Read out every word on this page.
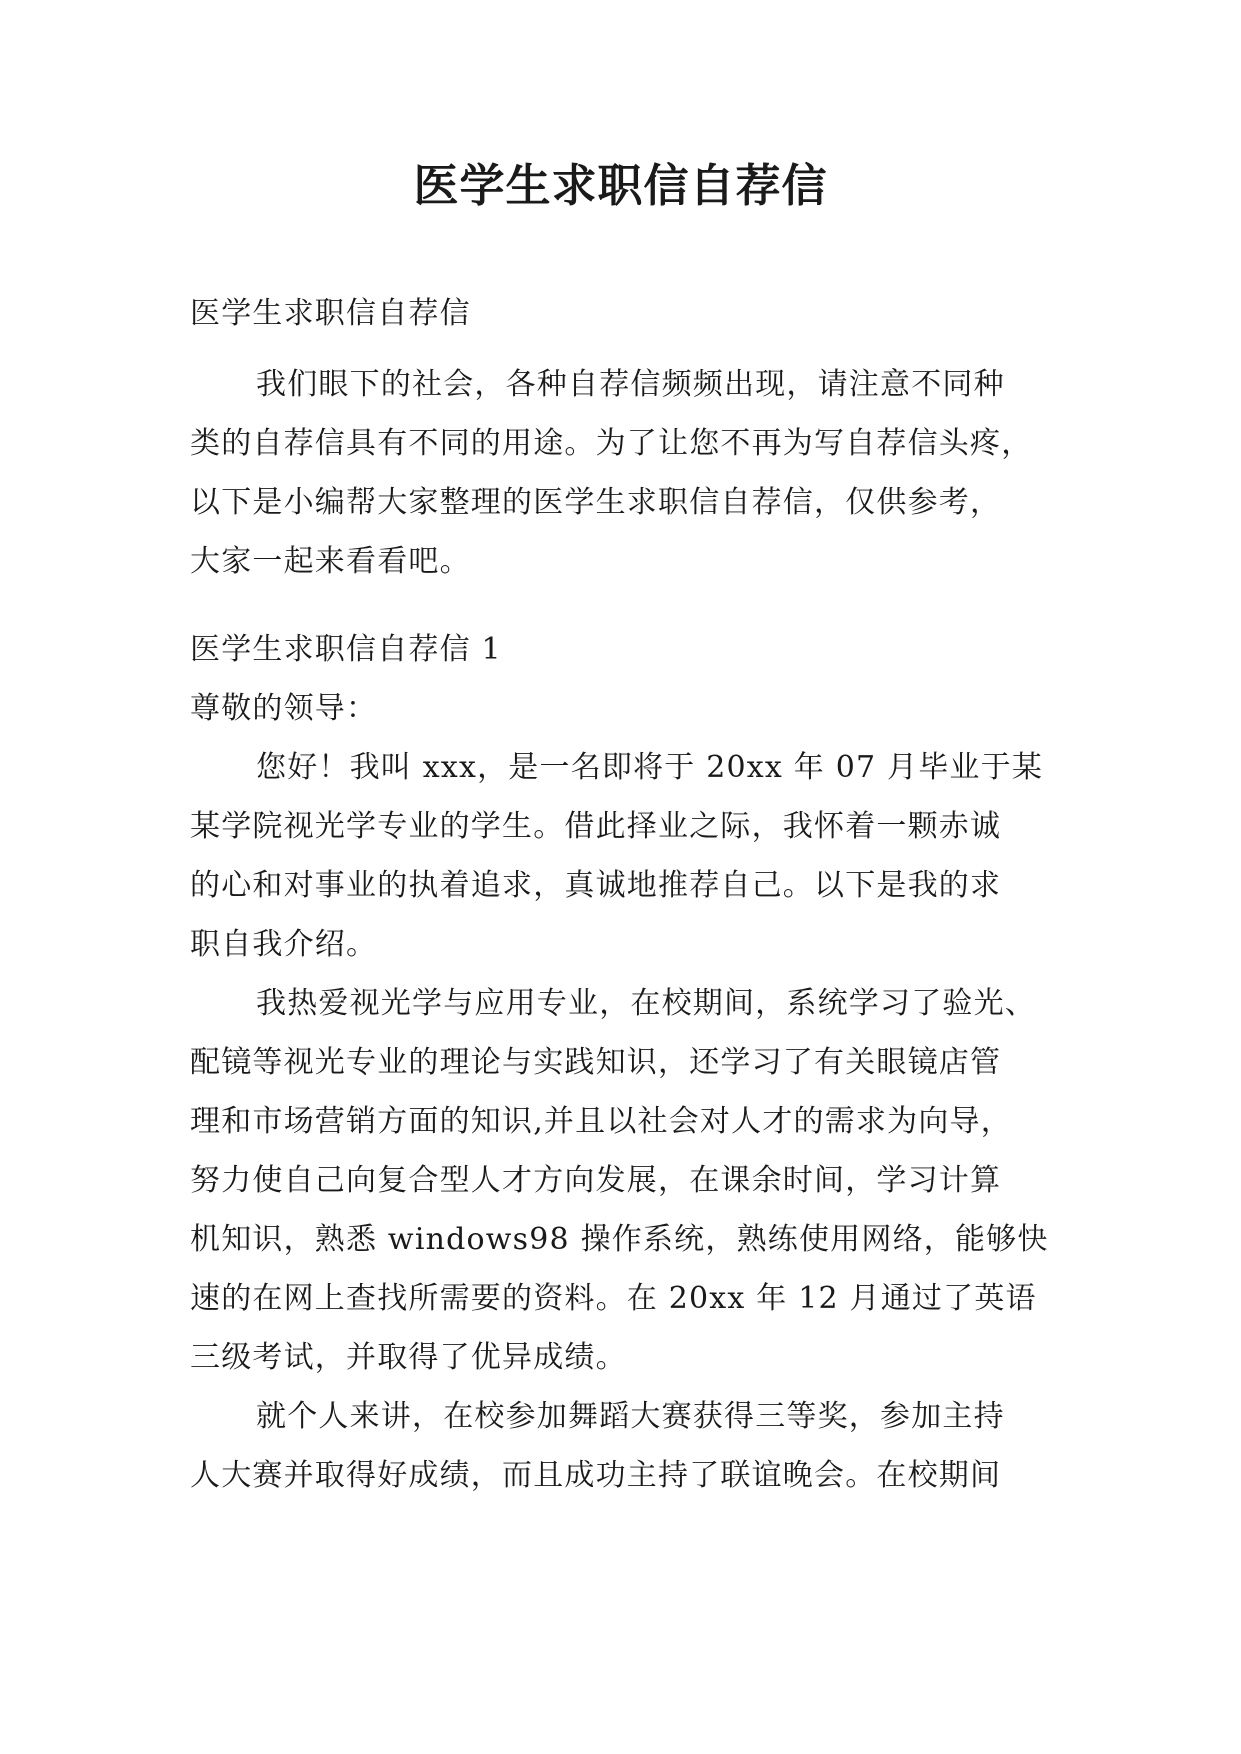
医学生求职信自荐信
医学生求职信自荐信
我们眼下的社会，各种自荐信频频出现，请注意不同种
类的自荐信具有不同的用途。为了让您不再为写自荐信头疼，
以下是小编帮大家整理的医学生求职信自荐信，仅供参考，
大家一起来看看吧。
医学生求职信自荐信 1
尊敬的领导：
您好！我叫 xxx，是一名即将于 20xx 年 07 月毕业于某
某学院视光学专业的学生。借此择业之际，我怀着一颗赤诚
的心和对事业的执着追求，真诚地推荐自己。以下是我的求
职自我介绍。
我热爱视光学与应用专业，在校期间，系统学习了验光、
配镜等视光专业的理论与实践知识，还学习了有关眼镜店管
理和市场营销方面的知识,并且以社会对人才的需求为向导，
努力使自己向复合型人才方向发展，在课余时间，学习计算
机知识，熟悉 windows98 操作系统，熟练使用网络，能够快
速的在网上查找所需要的资料。在 20xx 年 12 月通过了英语
三级考试，并取得了优异成绩。
就个人来讲，在校参加舞蹈大赛获得三等奖，参加主持
人大赛并取得好成绩，而且成功主持了联谊晚会。在校期间
